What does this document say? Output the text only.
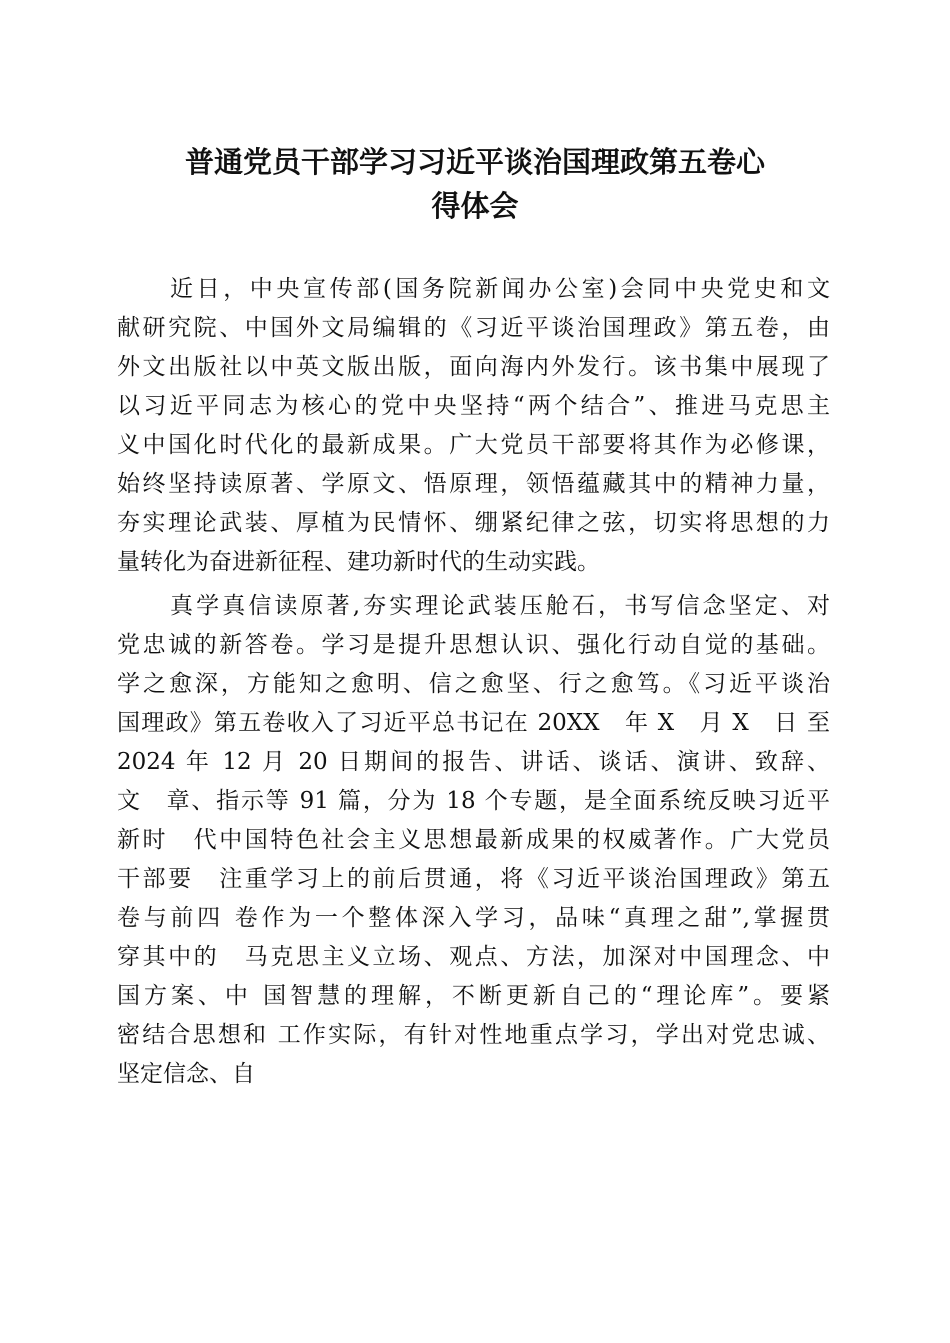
普通党员干部学习习近平谈治国理政第五卷心
得体会
近日，中央宣传部(国务院新闻办公室)会同中央党史和文
献研究院、中国外文局编辑的《习近平谈治国理政》第五卷，由
外文出版社以中英文版出版，面向海内外发行。该书集中展现了
以习近平同志为核心的党中央坚持“两个结合”、推进马克思主
义中国化时代化的最新成果。广大党员干部要将其作为必修课，
始终坚持读原著、学原文、悟原理，领悟蕴藏其中的精神力量，
夯实理论武装、厚植为民情怀、绷紧纪律之弦，切实将思想的力
量转化为奋进新征程、建功新时代的生动实践。
真学真信读原著,夯实理论武装压舱石，书写信念坚定、对
党忠诚的新答卷。学习是提升思想认识、强化行动自觉的基础。
学之愈深，方能知之愈明、信之愈坚、行之愈笃。《习近平谈治
国理政》第五卷收入了习近平总书记在 20XX　年 X　月 X　日 至
2024 年 12 月 20 日期间的报告、讲话、谈话、演讲、致辞、
文　章、指示等 91 篇，分为 18 个专题，是全面系统反映习近平
新时　代中国特色社会主义思想最新成果的权威著作。广大党员
干部要　注重学习上的前后贯通，将《习近平谈治国理政》第五
卷与前四 卷作为一个整体深入学习，品味“真理之甜”,掌握贯
穿其中的　马克思主义立场、观点、方法，加深对中国理念、中
国方案、中 国智慧的理解，不断更新自己的“理论库”。要紧
密结合思想和 工作实际，有针对性地重点学习，学出对党忠诚、
坚定信念、自
